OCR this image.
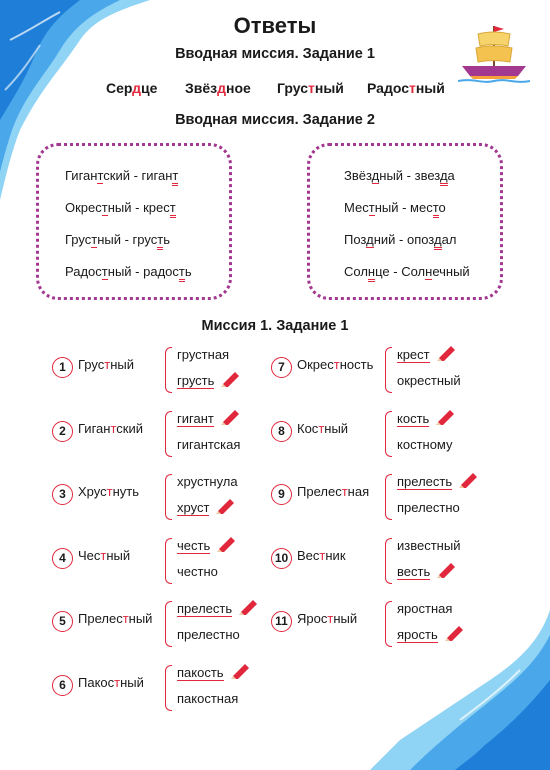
Ответы
Вводная миссия. Задание 1
Сердце Звёздное Грустный Радостный
Вводная миссия. Задание 2
Гигантский - гигант
Окрестный - крест
Грустный - грусть
Радостный - радость
Звёздный - звезда
Местный - место
Поздний - опоздал
Солнце - Солнечный
Миссия 1. Задание 1
1 Грустный
грустная
грусть
2 Гигантский
гигант
гигантская
3 Хрустнуть
хрустнула
хруст
4 Честный
честь
честно
5 Прелестный
прелесть
прелестно
6 Пакостный
пакость
пакостная
7 Окрестность
крест
окрестный
8 Костный
кость
костному
9 Прелестная
прелесть
прелестно
10 Вестник
известный
весть
11 Яростный
яростная
ярость
